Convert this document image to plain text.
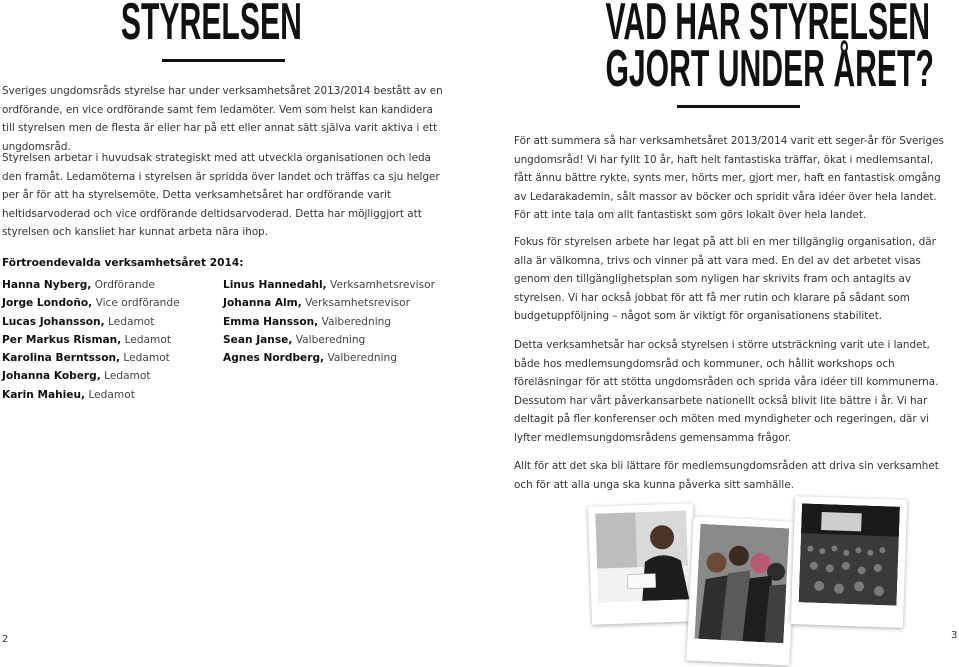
STYRELSEN

Sveriges ungdomsråds styrelse har under verksamhetsåret 2013/2014 bestått av en ordförande, en vice ordförande samt fem ledamöter. Vem som helst kan kandidera till styrelsen men de flesta är eller har på ett eller annat sätt själva varit aktiva i ett ungdomsråd.

Styrelsen arbetar i huvudsak strategiskt med att utveckla organisationen och leda den framåt. Ledamöterna i styrelsen är spridda över landet och träffas ca sju helger per år för att ha styrelsemöte. Detta verksamhetsåret har ordförande varit heltidsarvoderad och vice ordförande deltidsarvoderad. Detta har möjliggjort att styrelsen och kansliet har kunnat arbeta nära ihop.

Förtroendevalda verksamhetsåret 2014:
Hanna Nyberg, Ordförande
Jorge Londoño, Vice ordförande
Lucas Johansson, Ledamot
Per Markus Risman, Ledamot
Karolina Berntsson, Ledamot
Johanna Koberg, Ledamot
Karin Mahieu, Ledamot
Linus Hannedahl, Verksamhetsrevisor
Johanna Alm, Verksamhetsrevisor
Emma Hansson, Valberedning
Sean Janse, Valberedning
Agnes Nordberg, Valberedning
2
VAD HAR STYRELSEN
GJORT UNDER ÅRET?

För att summera så har verksamhetsåret 2013/2014 varit ett seger-år för Sveriges ungdomsråd! Vi har fyllt 10 år, haft helt fantastiska träffar, ökat i medlemsantal, fått ännu bättre rykte, synts mer, hörts mer, gjort mer, haft en fantastisk omgång av Ledarakademin, sålt massor av böcker och spridit våra idéer över hela landet. För att inte tala om allt fantastiskt som görs lokalt över hela landet.

Fokus för styrelsen arbete har legat på att bli en mer tillgänglig organisation, där alla är välkomna, trivs och vinner på att vara med. En del av det arbetet visas genom den tillgänglighetsplan som nyligen har skrivits fram och antagits av styrelsen. Vi har också jobbat för att få mer rutin och klarare på sådant som budgetuppföljning – något som är viktigt för organisationens stabilitet.

Detta verksamhetsår har också styrelsen i större utsträckning varit ute i landet, både hos medlemsungdomsråd och kommuner, och hållit workshops och föreläsningar för att stötta ungdomsråden och sprida våra idéer till kommunerna. Dessutom har vårt påverkansarbete nationellt också blivit lite bättre i år. Vi har deltagit på fler konferenser och möten med myndigheter och regeringen, där vi lyfter medlemsungdomsrådens gemensamma frågor.

Allt för att det ska bli lättare för medlemsungdomsråden att driva sin verksamhet och för att alla unga ska kunna påverka sitt samhälle.

3
